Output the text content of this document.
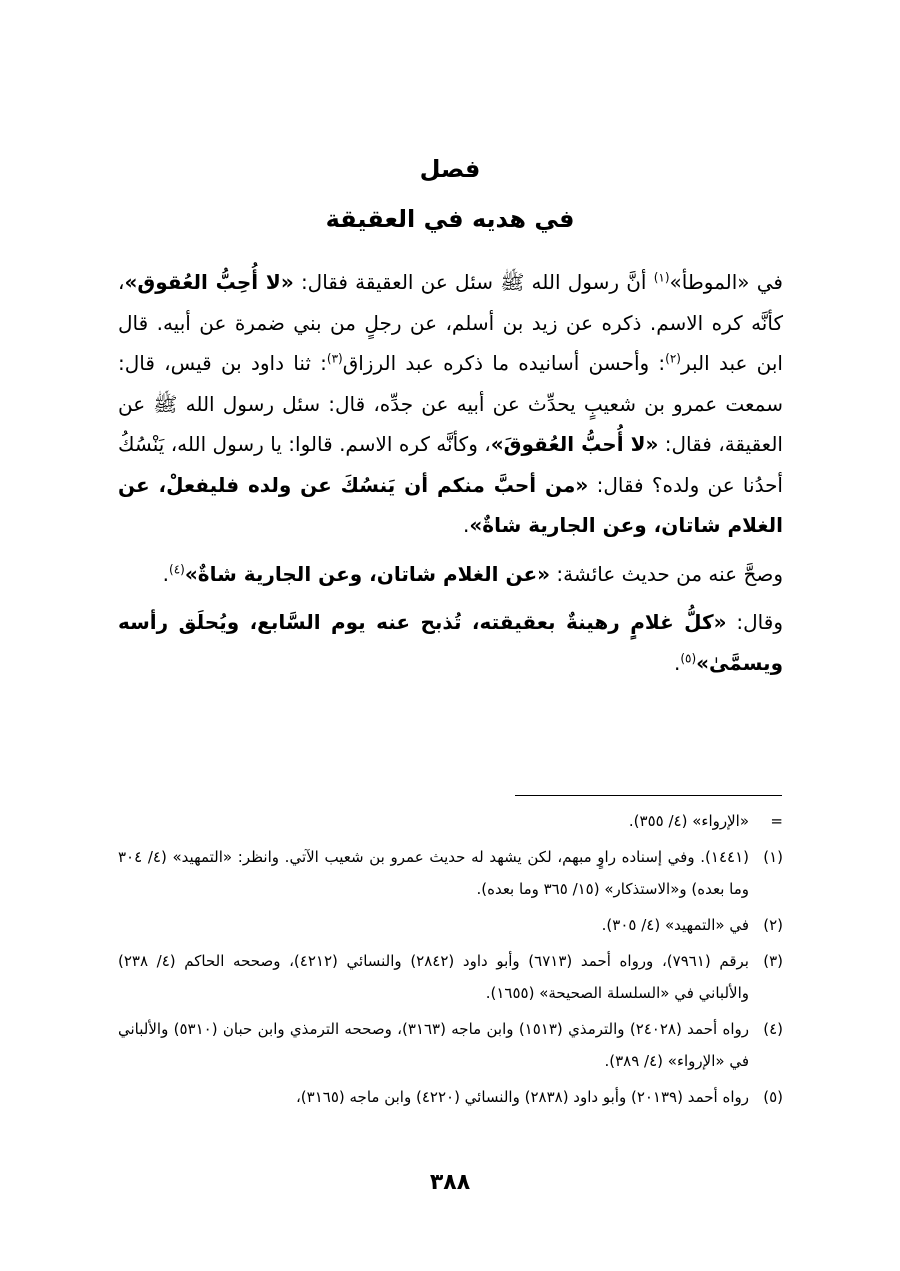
فصل
في هديه في العقيقة

في «الموطأ»$^{(١)}$ أنَّ رسول الله ﷺ سئل عن العقيقة فقال: «لا أُحِبُّ العُقوق»، كأنَّه كره الاسم. ذكره عن زيد بن أسلم، عن رجلٍ من بني ضمرة عن أبيه. قال ابن عبد البر$^{(٢)}$: وأحسن أسانيده ما ذكره عبد الرزاق$^{(٣)}$: ثنا داود بن قيس، قال: سمعت عمرو بن شعيبٍ يحدِّث عن أبيه عن جدِّه، قال: سئل رسول الله ﷺ عن العقيقة، فقال: «لا أُحبُّ العُقوقَ»، وكأنَّه كره الاسم. قالوا: يا رسول الله، يَنْسُكُ أحدُنا عن ولده؟ فقال: «من أحبَّ منكم أن يَنسُكَ عن ولده فليفعلْ، عن الغلام شاتان، وعن الجارية شاةٌ».

وصحَّ عنه من حديث عائشة: «عن الغلام شاتان، وعن الجارية شاةٌ»$^{(٤)}$.

وقال: «كلُّ غلامٍ رهينةٌ بعقيقته، تُذبح عنه يوم السَّابع، ويُحلَق رأسه ويسمَّىٰ»$^{(٥)}$.

=
«الإرواء» (٤/ ٣٥٥).
(١)
(١٤٤١). وفي إسناده راوٍ مبهم، لكن يشهد له حديث عمرو بن شعيب الآتي. وانظر: «التمهيد» (٤/ ٣٠٤ وما بعده) و«الاستذكار» (١٥/ ٣٦٥ وما بعده).
(٢)
في «التمهيد» (٤/ ٣٠٥).
(٣)
برقم (٧٩٦١)، ورواه أحمد (٦٧١٣) وأبو داود (٢٨٤٢) والنسائي (٤٢١٢)، وصححه الحاكم (٤/ ٢٣٨) والألباني في «السلسلة الصحيحة» (١٦٥٥).
(٤)
رواه أحمد (٢٤٠٢٨) والترمذي (١٥١٣) وابن ماجه (٣١٦٣)، وصححه الترمذي وابن حبان (٥٣١٠) والألباني في «الإرواء» (٤/ ٣٨٩).
(٥)
رواه أحمد (٢٠١٣٩) وأبو داود (٢٨٣٨) والنسائي (٤٢٢٠) وابن ماجه (٣١٦٥)،
٣٨٨
